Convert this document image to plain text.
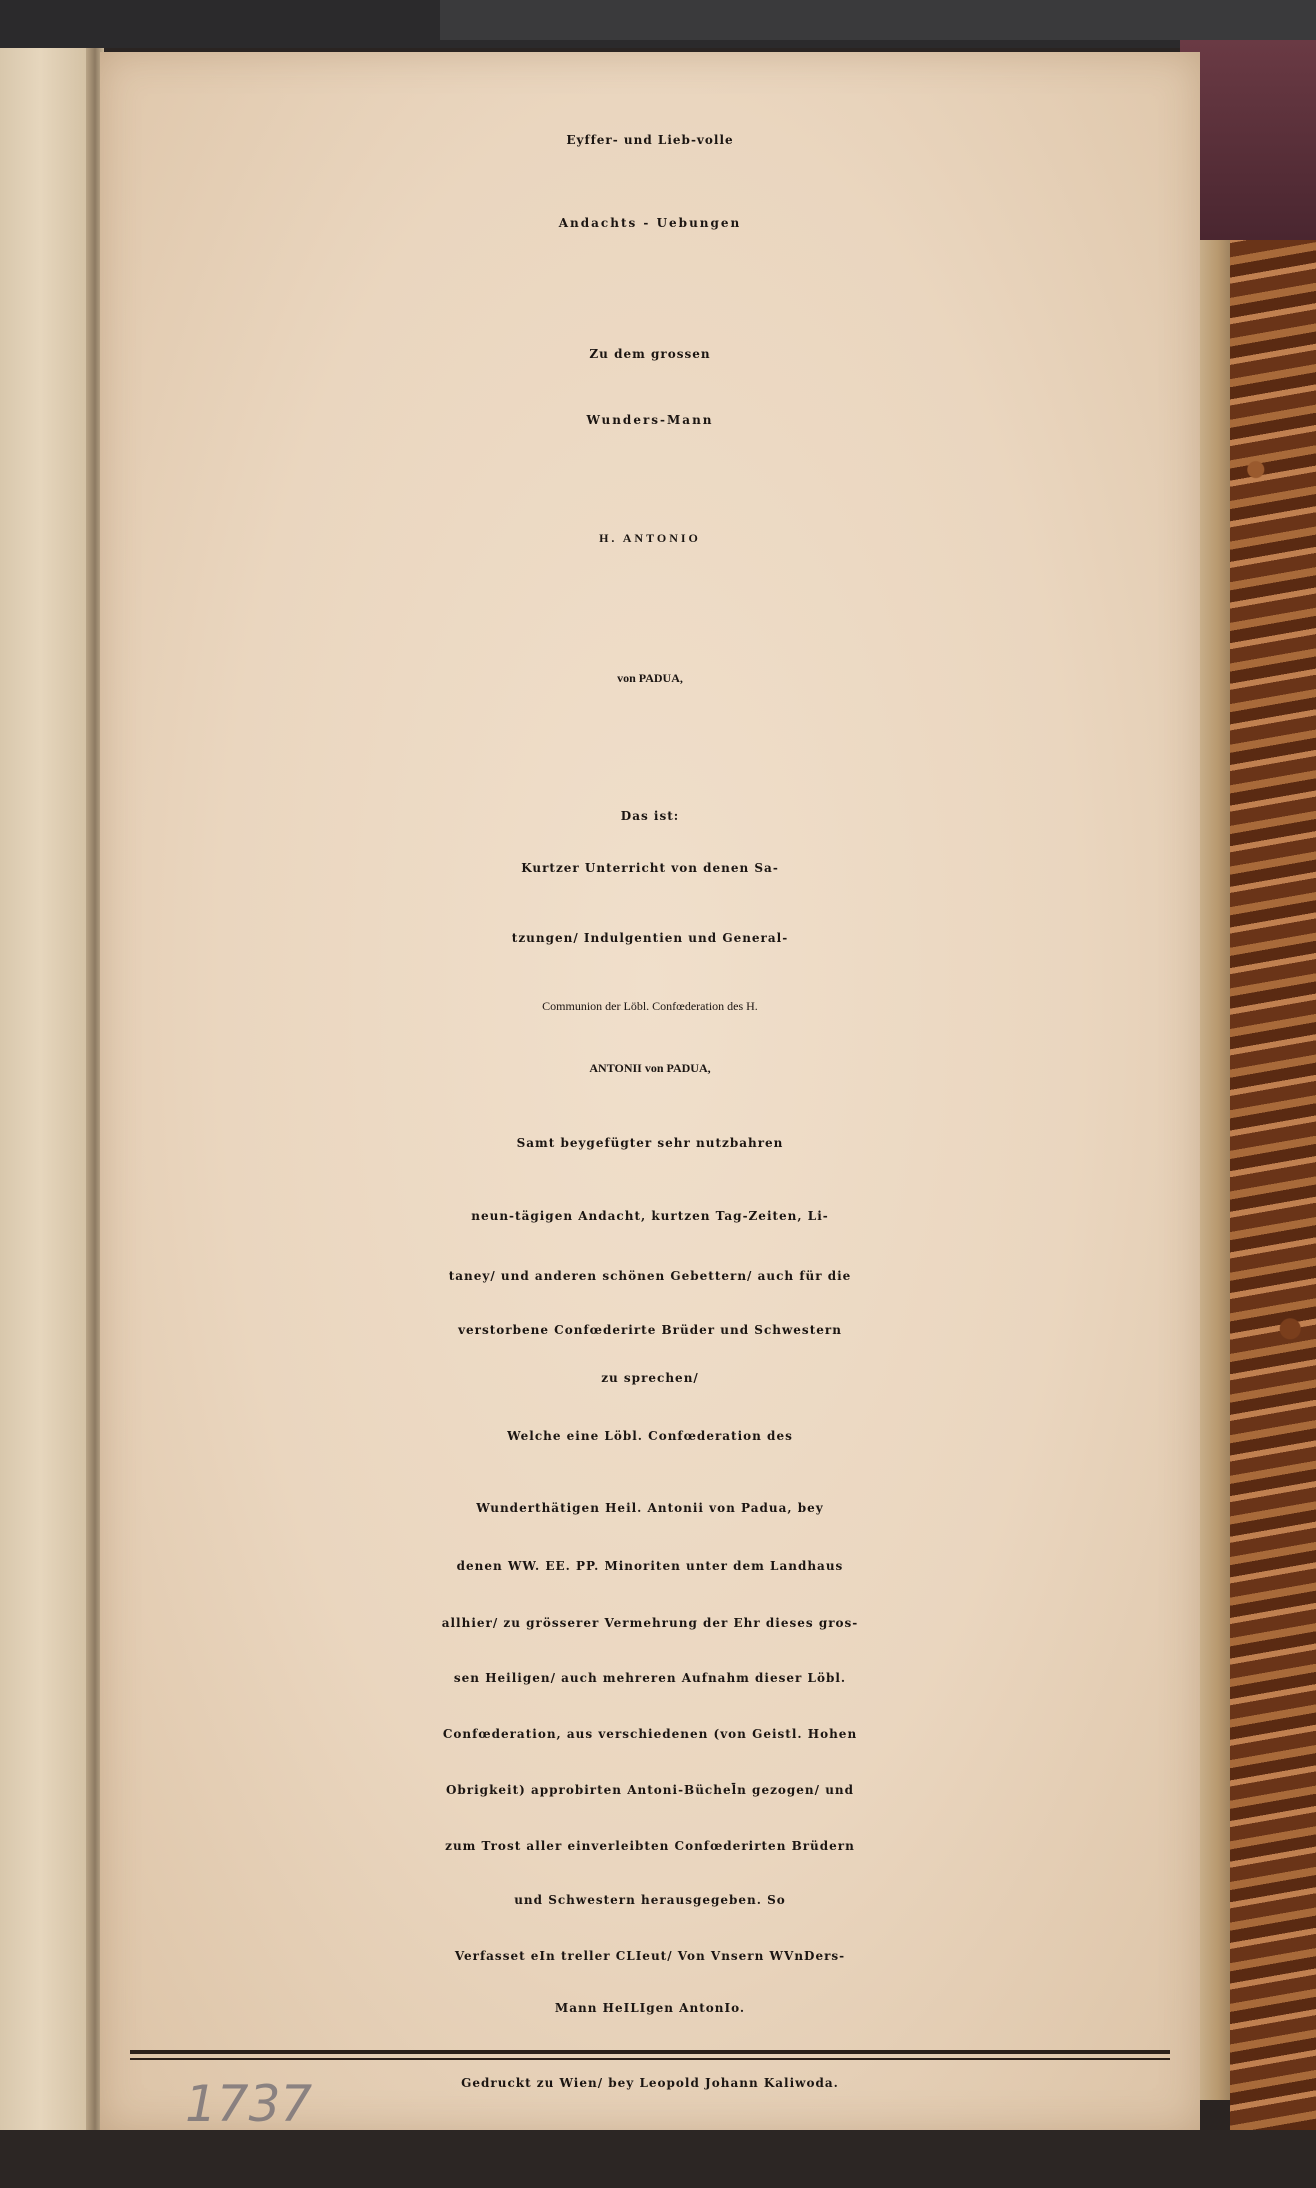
Eyffer- und Lieb-volle
Andachts - Uebungen
Zu dem grossen
Wunders-Mann
H. ANTONIO
von PADUA,
Das ist:
Kurtzer Unterricht von denen Sa-
tzungen/ Indulgentien und General-
Communion der Löbl. Confœderation des H.
ANTONII von PADUA,
Samt beygefügter sehr nutzbahren
neun-tägigen Andacht, kurtzen Tag-Zeiten, Li-
taney/ und anderen schönen Gebettern/ auch für die
verstorbene Confœderirte Brüder und Schwestern
zu sprechen/
Welche eine Löbl. Confœderation des
Wunderthätigen Heil. Antonii von Padua, bey
denen WW. EE. PP. Minoriten unter dem Landhaus
allhier/ zu grösserer Vermehrung der Ehr dieses gros-
sen Heiligen/ auch mehreren Aufnahm dieser Löbl.
Confœderation, aus verschiedenen (von Geistl. Hohen
Obrigkeit) approbirten Antoni-Büchel̄n gezogen/ und
zum Trost aller einverleibten Confœderirten Brüdern
und Schwestern herausgegeben. So
Verfasset eIn treller CLIeut/ Von Vnsern WVnDers-
Mann HeILIgen AntonIo.
Gedruckt zu Wien/ bey Leopold Johann Kaliwoda.
1737
